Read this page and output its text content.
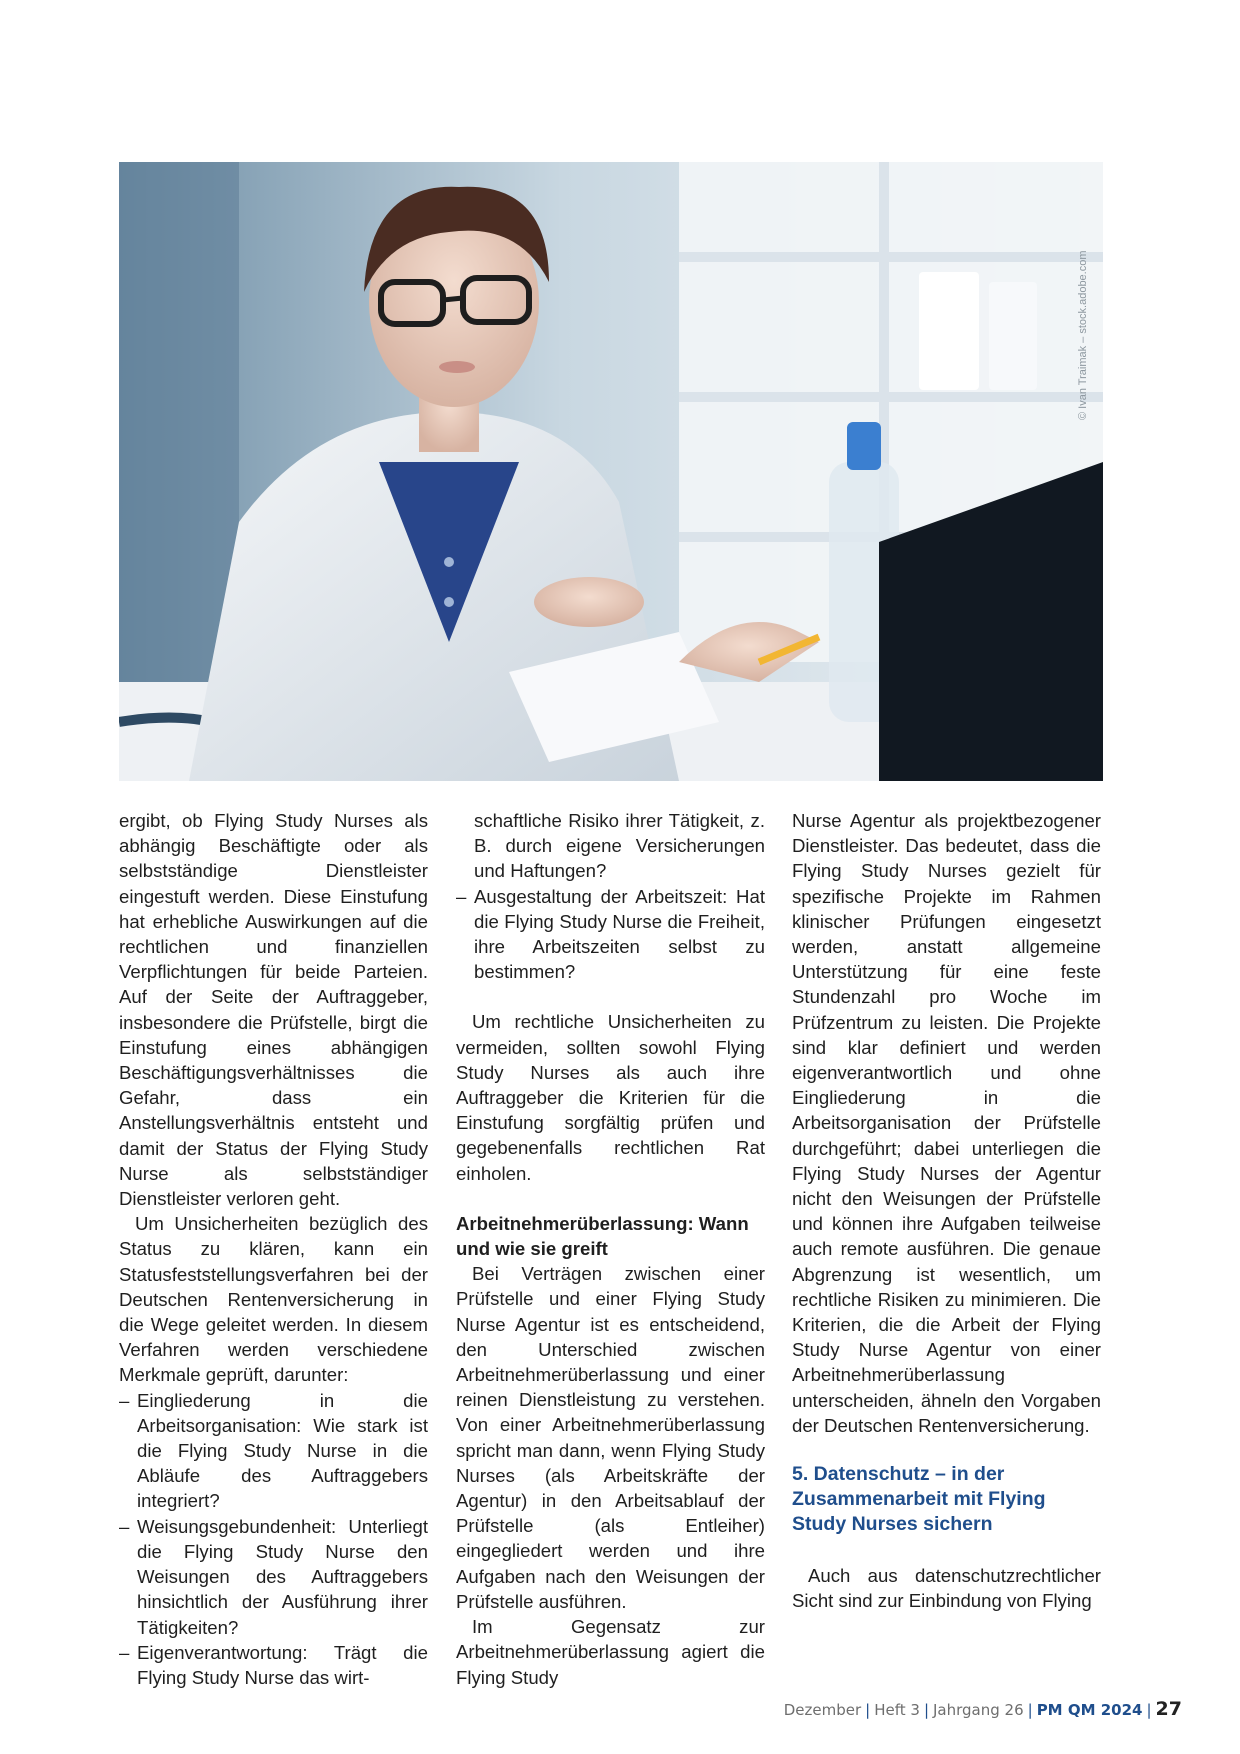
© Ivan Traimak – stock.adobe.com

ergibt, ob Flying Study Nurses als abhängig Beschäftigte oder als selbstständige Dienstleister eingestuft werden. Diese Einstufung hat erhebliche Auswirkungen auf die rechtlichen und finanziellen Verpflichtungen für beide Parteien. Auf der Seite der Auftraggeber, insbesondere die Prüfstelle, birgt die Einstufung eines abhängigen Beschäftigungsverhältnisses die Gefahr, dass ein Anstellungsverhältnis entsteht und damit der Status der Flying Study Nurse als selbstständiger Dienstleister verloren geht.

Um Unsicherheiten bezüglich des Status zu klären, kann ein Statusfeststellungsverfahren bei der Deutschen Rentenversicherung in die Wege geleitet werden. In diesem Verfahren werden verschiedene Merkmale geprüft, darunter:

– Eingliederung in die Arbeitsorganisation: Wie stark ist die Flying Study Nurse in die Abläufe des Auftraggebers integriert?

– Weisungsgebundenheit: Unterliegt die Flying Study Nurse den Weisungen des Auftraggebers hinsichtlich der Ausführung ihrer Tätigkeiten?

– Eigenverantwortung: Trägt die Flying Study Nurse das wirt-

schaftliche Risiko ihrer Tätigkeit, z. B. durch eigene Versicherungen und Haftungen?

– Ausgestaltung der Arbeitszeit: Hat die Flying Study Nurse die Freiheit, ihre Arbeitszeiten selbst zu bestimmen?

Um rechtliche Unsicherheiten zu vermeiden, sollten sowohl Flying Study Nurses als auch ihre Auftraggeber die Kriterien für die Einstufung sorgfältig prüfen und gegebenenfalls rechtlichen Rat einholen.

Arbeitnehmerüberlassung: Wann und wie sie greift

Bei Verträgen zwischen einer Prüfstelle und einer Flying Study Nurse Agentur ist es entscheidend, den Unterschied zwischen Arbeitnehmerüberlassung und einer reinen Dienstleistung zu verstehen. Von einer Arbeitnehmerüberlassung spricht man dann, wenn Flying Study Nurses (als Arbeitskräfte der Agentur) in den Arbeitsablauf der Prüfstelle (als Entleiher) eingegliedert werden und ihre Aufgaben nach den Weisungen der Prüfstelle ausführen.

Im Gegensatz zur Arbeitnehmerüberlassung agiert die Flying Study

Nurse Agentur als projektbezogener Dienstleister. Das bedeutet, dass die Flying Study Nurses gezielt für spezifische Projekte im Rahmen klinischer Prüfungen eingesetzt werden, anstatt allgemeine Unterstützung für eine feste Stundenzahl pro Woche im Prüfzentrum zu leisten. Die Projekte sind klar definiert und werden eigenverantwortlich und ohne Eingliederung in die Arbeitsorganisation der Prüfstelle durchgeführt; dabei unterliegen die Flying Study Nurses der Agentur nicht den Weisungen der Prüfstelle und können ihre Aufgaben teilweise auch remote ausführen. Die genaue Abgrenzung ist wesentlich, um rechtliche Risiken zu minimieren. Die Kriterien, die die Arbeit der Flying Study Nurse Agentur von einer Arbeitnehmerüberlassung unterscheiden, ähneln den Vorgaben der Deutschen Rentenversicherung.

5. Datenschutz – in der Zusammenarbeit mit Flying Study Nurses sichern

Auch aus datenschutzrechtlicher Sicht sind zur Einbindung von Flying

Dezember | Heft 3 | Jahrgang 26 | PM QM 2024 | 27
